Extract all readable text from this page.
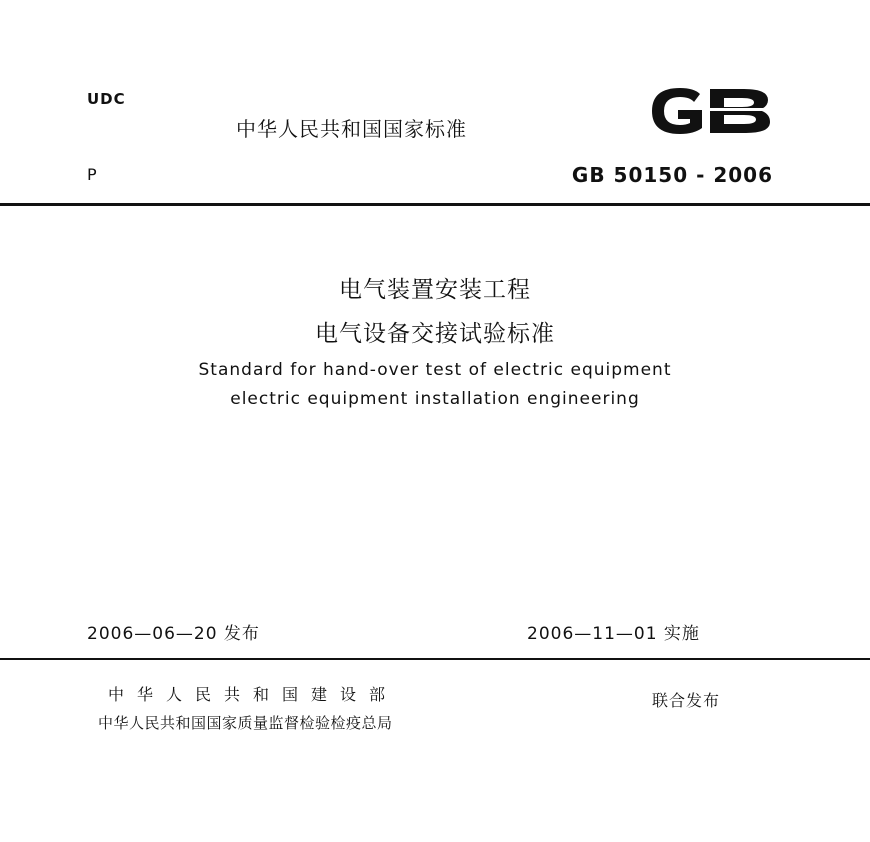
UDC
中华人民共和国国家标准
P	GB 50150 - 2006
电气装置安装工程
电气设备交接试验标准
Standard for hand-over test of electric equipment
electric equipment installation engineering
2006—06—20 发布	2006—11—01 实施
中华人民共和国建设部
中华人民共和国国家质量监督检验检疫总局
联合发布
